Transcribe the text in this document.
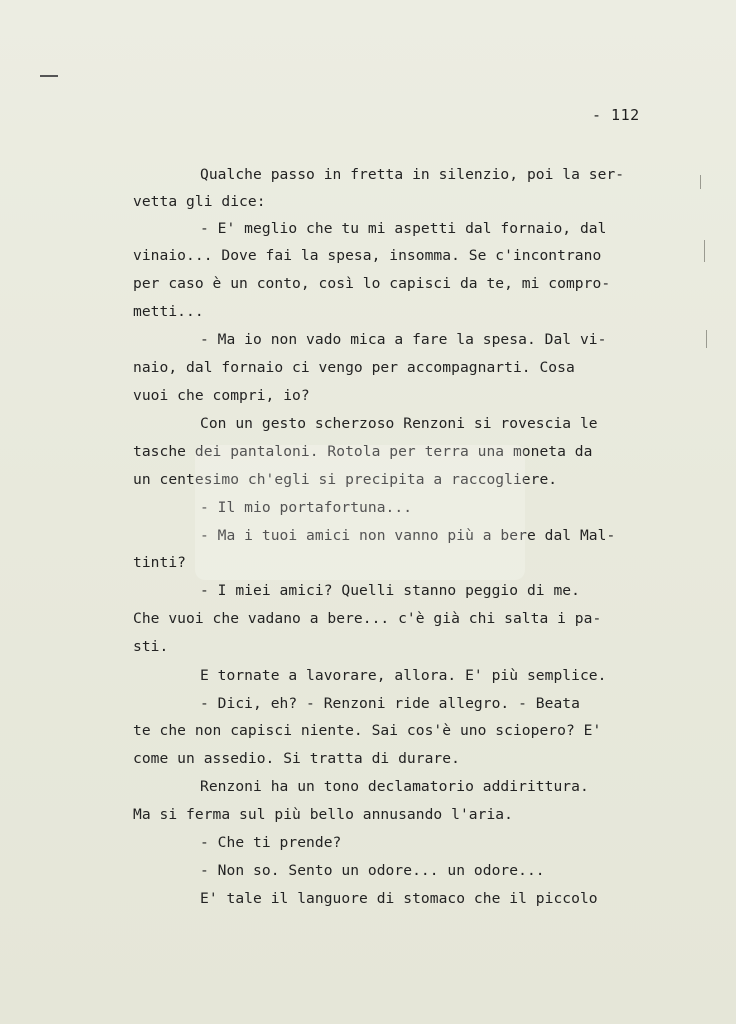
- 112
Qualche passo in fretta in silenzio, poi la ser-
vetta gli dice:
- E' meglio che tu mi aspetti dal fornaio, dal
vinaio... Dove fai la spesa, insomma. Se c'incontrano
per caso è un conto, così lo capisci da te, mi compro-
metti...
- Ma io non vado mica a fare la spesa. Dal vi-
naio, dal fornaio ci vengo per accompagnarti. Cosa
vuoi che compri, io?
Con un gesto scherzoso Renzoni si rovescia le
tasche dei pantaloni. Rotola per terra una moneta da
un centesimo ch'egli si precipita a raccogliere.
- Il mio portafortuna...
- Ma i tuoi amici non vanno più a bere dal Mal-
tinti?
- I miei amici? Quelli stanno peggio di me.
Che vuoi che vadano a bere... c'è già chi salta i pa-
sti.
E tornate a lavorare, allora. E' più semplice.
- Dici, eh? - Renzoni ride allegro. - Beata
te che non capisci niente. Sai cos'è uno sciopero? E'
come un assedio. Si tratta di durare.
Renzoni ha un tono declamatorio addirittura.
Ma si ferma sul più bello annusando l'aria.
- Che ti prende?
- Non so. Sento un odore... un odore...
E' tale il languore di stomaco che il piccolo
